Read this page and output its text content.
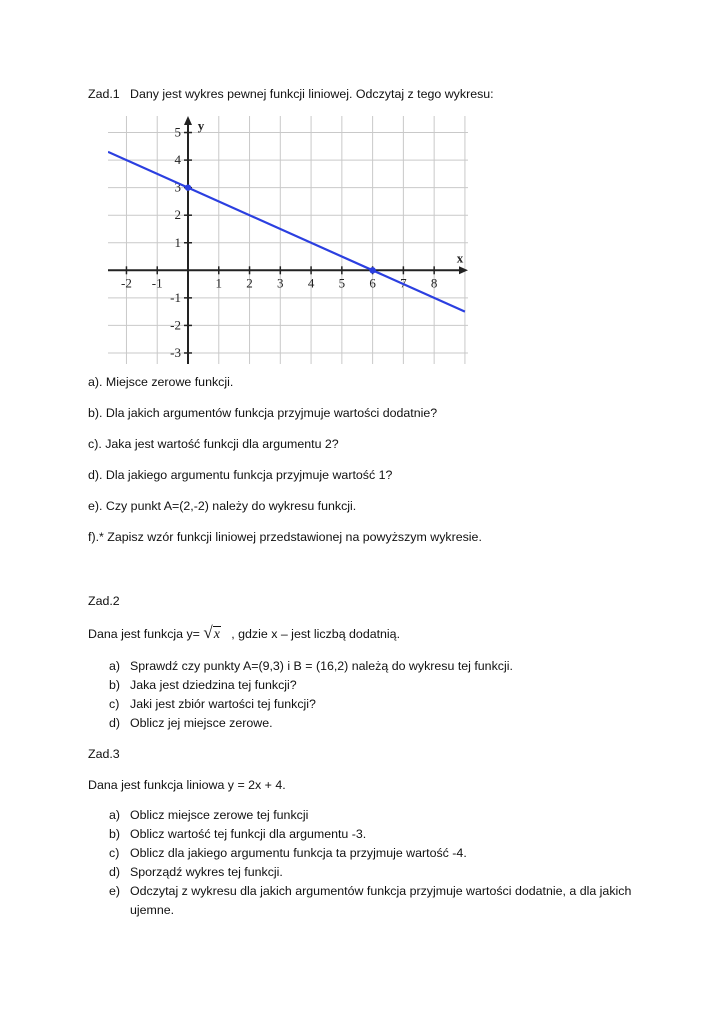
Zad.1 Dany jest wykres pewnej funkcji liniowej. Odczytaj z tego wykresu:
-2 -1	1 2 3 4 5 6 7 8
-3
-2
-1
1
2
3
4
5
x
y
a). Miejsce zerowe funkcji.
b). Dla jakich argumentów funkcja przyjmuje wartości dodatnie?
c). Jaka jest wartość funkcji dla argumentu 2?
d). Dla jakiego argumentu funkcja przyjmuje wartość 1?
e). Czy punkt A=(2,-2) należy do wykresu funkcji.
f).* Zapisz wzór funkcji liniowej przedstawionej na powyższym wykresie.
Zad.2
Dana jest funkcja y= √x , gdzie x – jest liczbą dodatnią.
a) Sprawdź czy punkty A=(9,3) i B = (16,2) należą do wykresu tej funkcji.
b) Jaka jest dziedzina tej funkcji?
c) Jaki jest zbiór wartości tej funkcji?
d) Oblicz jej miejsce zerowe.
Zad.3
Dana jest funkcja liniowa y = 2x + 4.
a) Oblicz miejsce zerowe tej funkcji
b) Oblicz wartość tej funkcji dla argumentu -3.
c) Oblicz dla jakiego argumentu funkcja ta przyjmuje wartość -4.
d) Sporządź wykres tej funkcji.
e) Odczytaj z wykresu dla jakich argumentów funkcja przyjmuje wartości dodatnie, a dla jakich
ujemne.
